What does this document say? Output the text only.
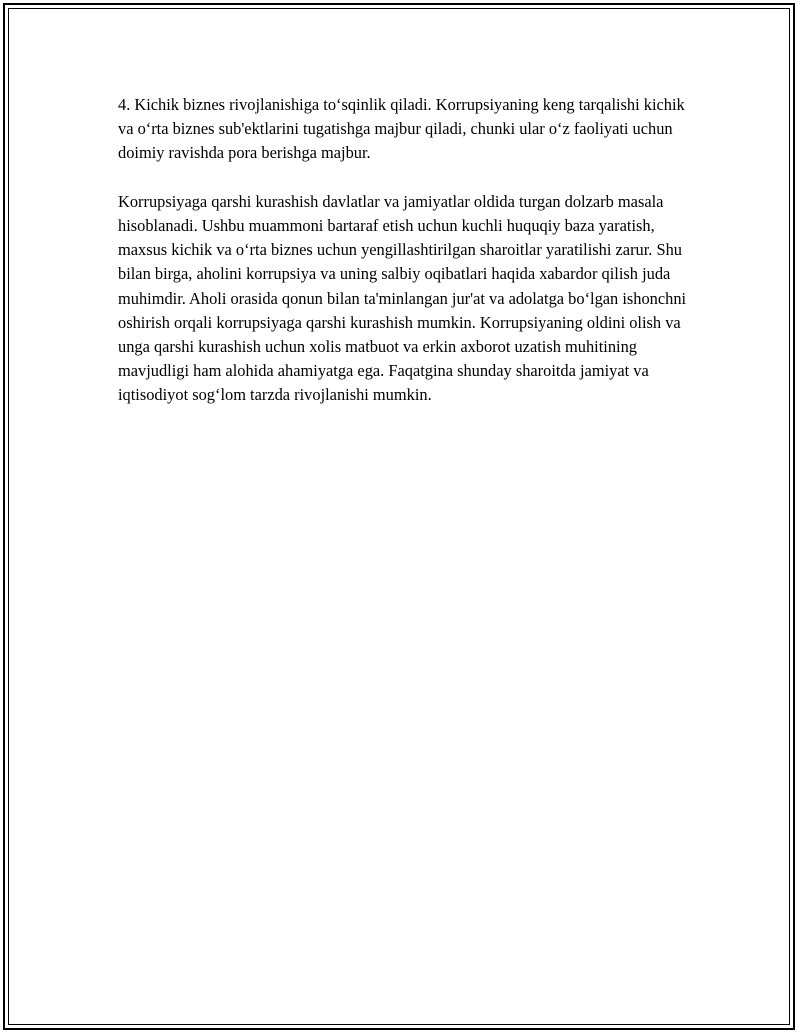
4. Kichik biznes rivojlanishiga to‘sqinlik qiladi. Korrupsiyaning keng tarqalishi kichik va o‘rta biznes sub'ektlarini tugatishga majbur qiladi, chunki ular o‘z faoliyati uchun doimiy ravishda pora berishga majbur.

Korrupsiyaga qarshi kurashish davlatlar va jamiyatlar oldida turgan dolzarb masala hisoblanadi. Ushbu muammoni bartaraf etish uchun kuchli huquqiy baza yaratish, maxsus kichik va o‘rta biznes uchun yengillashtirilgan sharoitlar yaratilishi zarur. Shu bilan birga, aholini korrupsiya va uning salbiy oqibatlari haqida xabardor qilish juda muhimdir. Aholi orasida qonun bilan ta'minlangan jur'at va adolatga bo‘lgan ishonchni oshirish orqali korrupsiyaga qarshi kurashish mumkin. Korrupsiyaning oldini olish va unga qarshi kurashish uchun xolis matbuot va erkin axborot uzatish muhitining mavjudligi ham alohida ahamiyatga ega. Faqatgina shunday sharoitda jamiyat va iqtisodiyot sog‘lom tarzda rivojlanishi mumkin.
